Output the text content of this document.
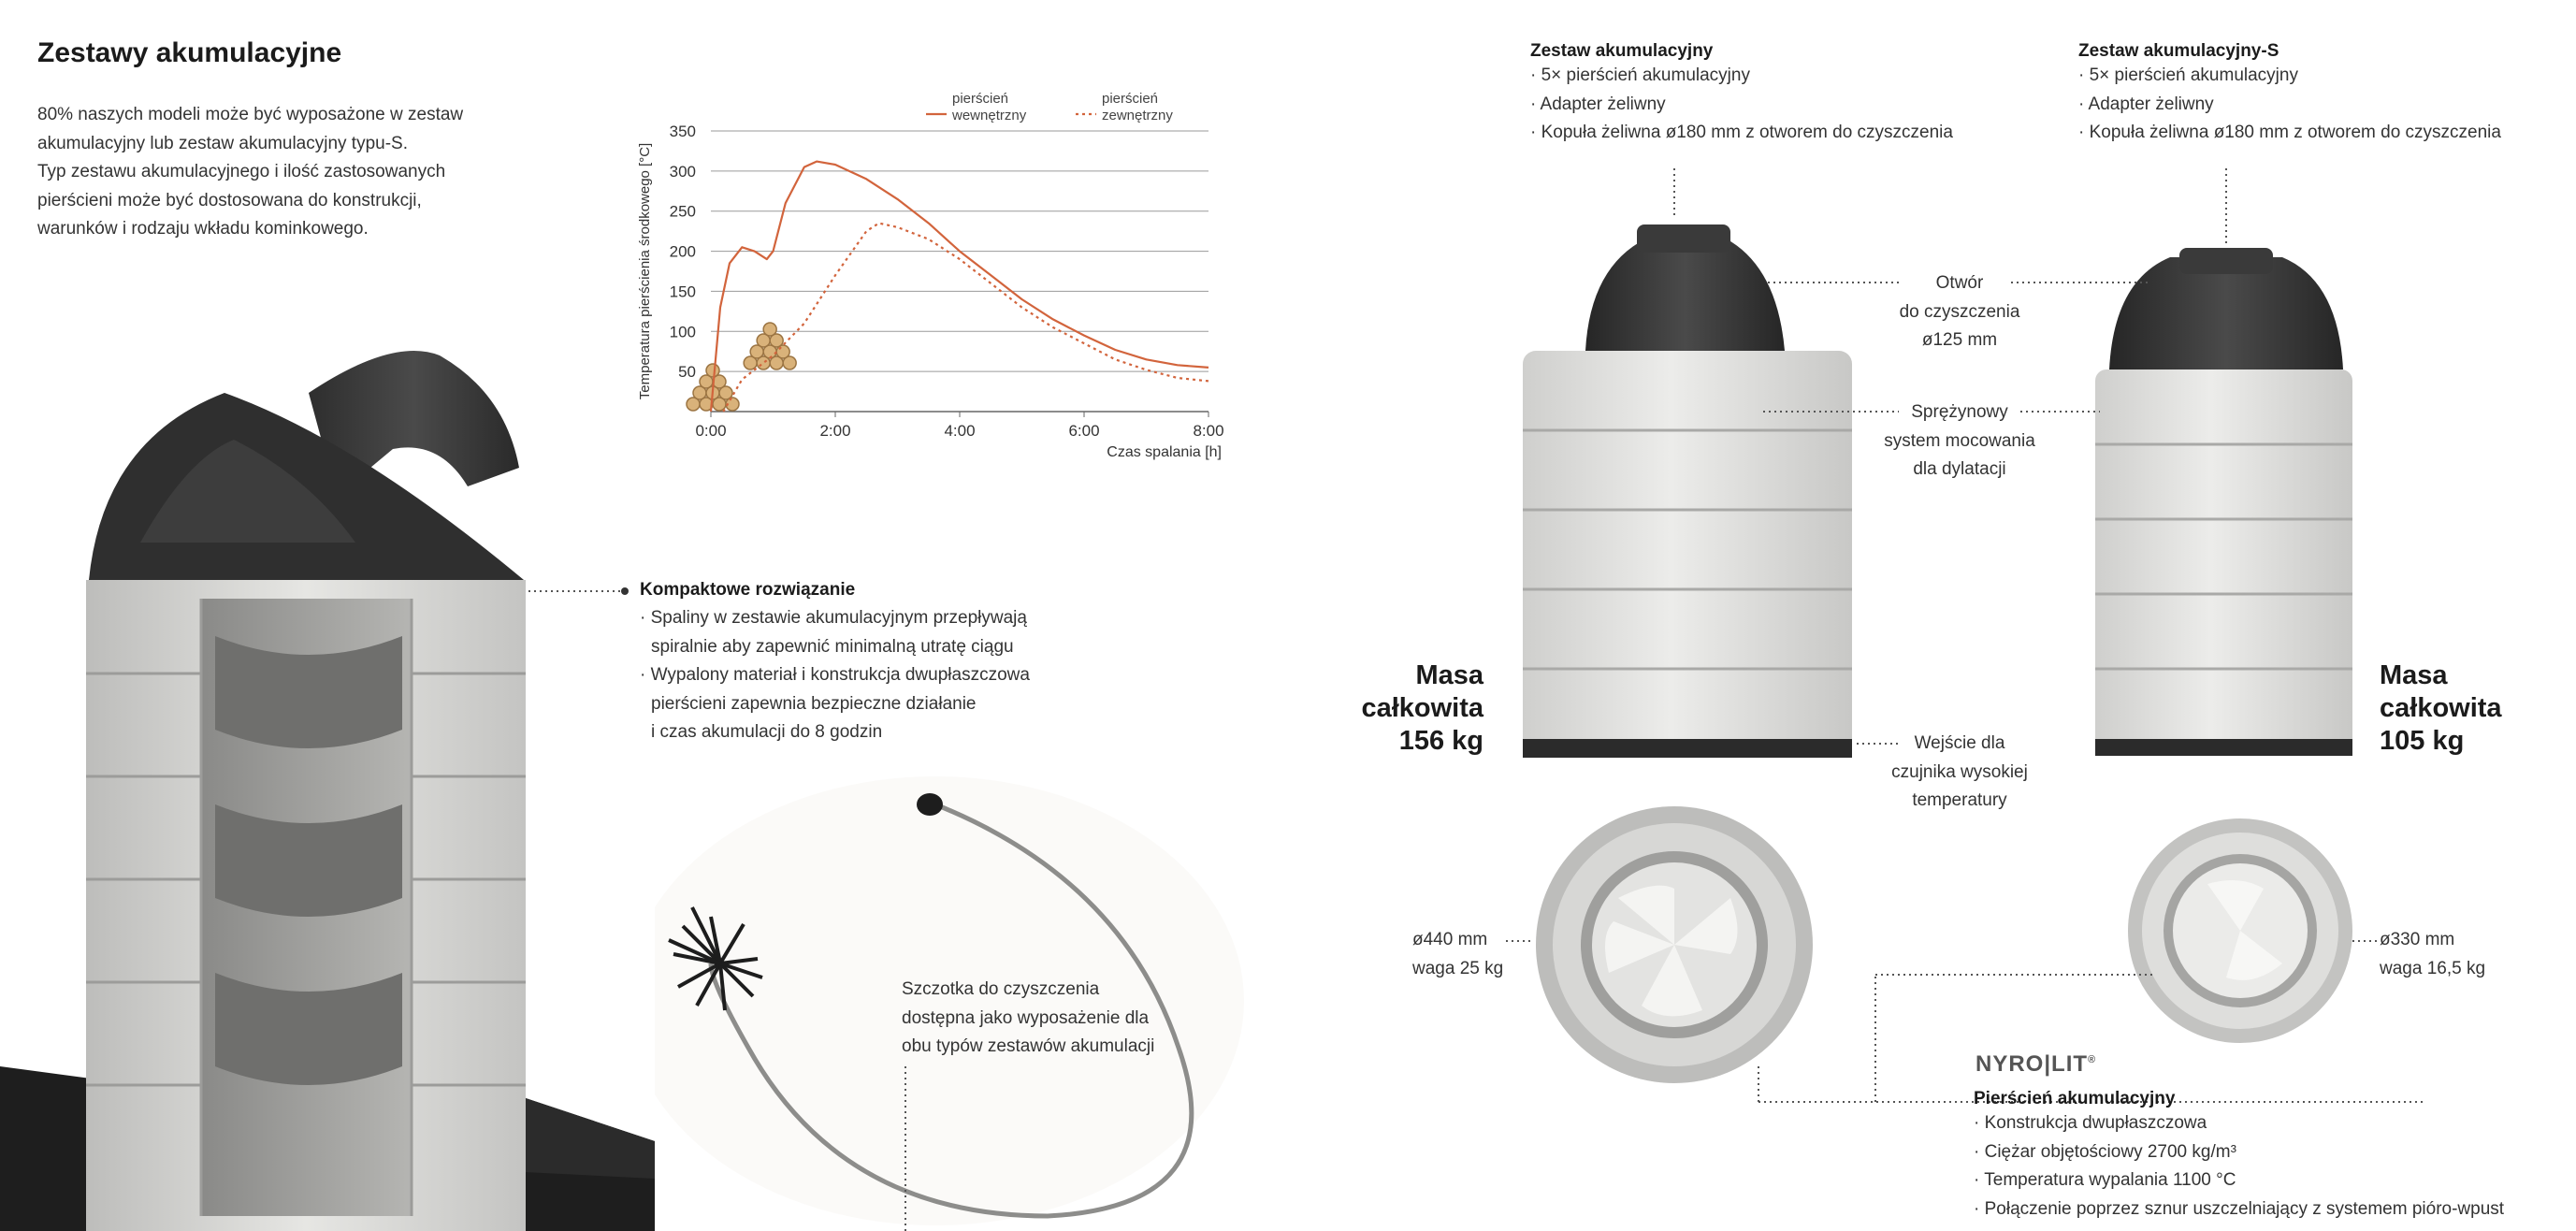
Zestawy akumulacyjne
80% naszych modeli może być wyposażone w zestaw
akumulacyjny lub zestaw akumulacyjny typu-S.
Typ zestawu akumulacyjnego i ilość zastosowanych
pierścieni może być dostosowana do konstrukcji,
warunków i rodzaju wkładu kominkowego.
350
300
250
200
150
100
50
0:00	2:00	4:00	6:00	8:00
Czas spalania [h]
Temperatura pierścienia środkowego [°C]
pierścień
wewnętrzny
pierścień
zewnętrzny
Kompaktowe rozwiązanie
· Spaliny w zestawie akumulacyjnym przepływają
spiralnie aby zapewnić minimalną utratę ciągu
· Wypalony materiał i konstrukcja dwupłaszczowa
pierścieni zapewnia bezpieczne działanie
i czas akumulacji do 8 godzin
Szczotka do czyszczenia
dostępna jako wyposażenie dla
obu typów zestawów akumulacji
Zestaw akumulacyjny
· 5× pierścień akumulacyjny
· Adapter żeliwny
· Kopuła żeliwna ø180 mm z otworem do czyszczenia
Zestaw akumulacyjny-S
· 5× pierścień akumulacyjny
· Adapter żeliwny
· Kopuła żeliwna ø180 mm z otworem do czyszczenia
Otwór
do czyszczenia
ø125 mm
Sprężynowy
system mocowania
dla dylatacji
Wejście dla
czujnika wysokiej
temperatury
Masa
całkowita
156 kg
Masa
całkowita
105 kg
ø440 mm
waga 25 kg
ø330 mm
waga 16,5 kg
NYRO|LIT®
Pierścień akumulacyjny
· Konstrukcja dwupłaszczowa
· Ciężar objętościowy 2700 kg/m³
· Temperatura wypalania 1100 °C
· Połączenie poprzez sznur uszczelniający z systemem pióro-wpust
